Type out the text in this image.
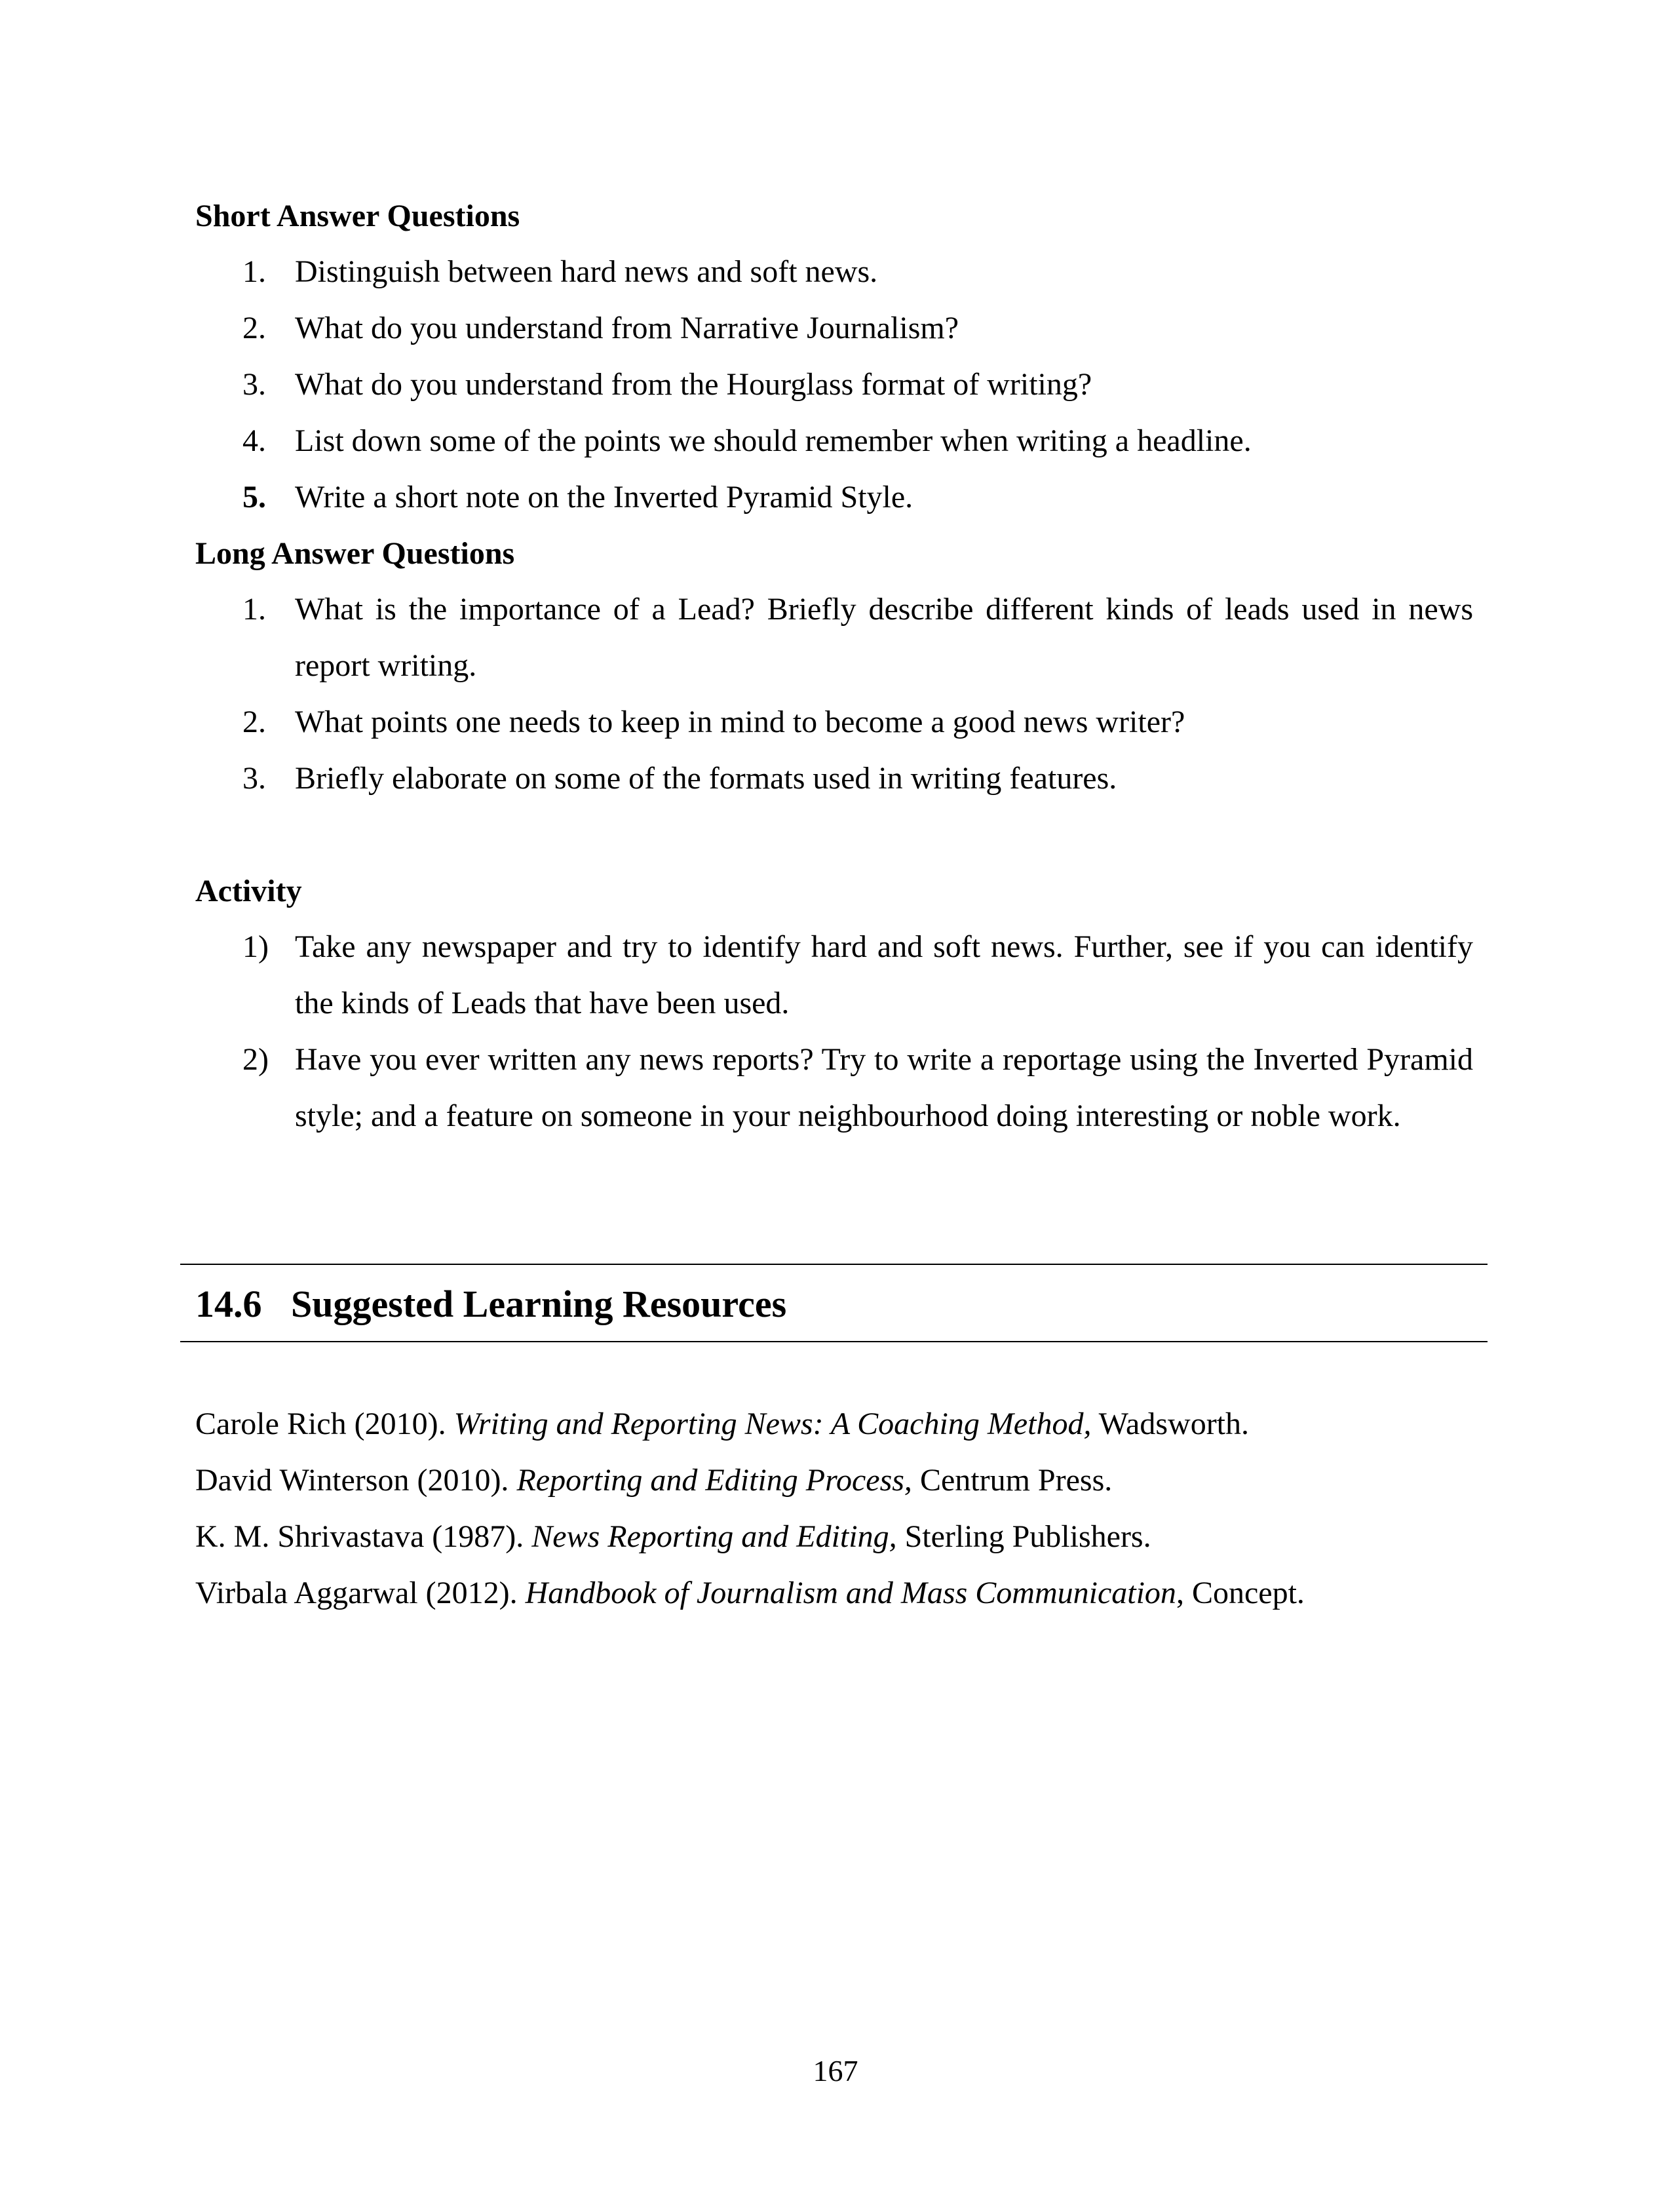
Short Answer Questions
1. Distinguish between hard news and soft news.
2. What do you understand from Narrative Journalism?
3. What do you understand from the Hourglass format of writing?
4. List down some of the points we should remember when writing a headline.
5. Write a short note on the Inverted Pyramid Style.
Long Answer Questions
1. What is the importance of a Lead? Briefly describe different kinds of leads used in news report writing.
2. What points one needs to keep in mind to become a good news writer?
3. Briefly elaborate on some of the formats used in writing features.
Activity
1) Take any newspaper and try to identify hard and soft news. Further, see if you can identify the kinds of Leads that have been used.
2) Have you ever written any news reports? Try to write a reportage using the Inverted Pyramid style; and a feature on someone in your neighbourhood doing interesting or noble work.
14.6 Suggested Learning Resources
Carole Rich (2010). Writing and Reporting News: A Coaching Method, Wadsworth.
David Winterson (2010). Reporting and Editing Process, Centrum Press.
K. M. Shrivastava (1987). News Reporting and Editing, Sterling Publishers.
Virbala Aggarwal (2012). Handbook of Journalism and Mass Communication, Concept.
167
